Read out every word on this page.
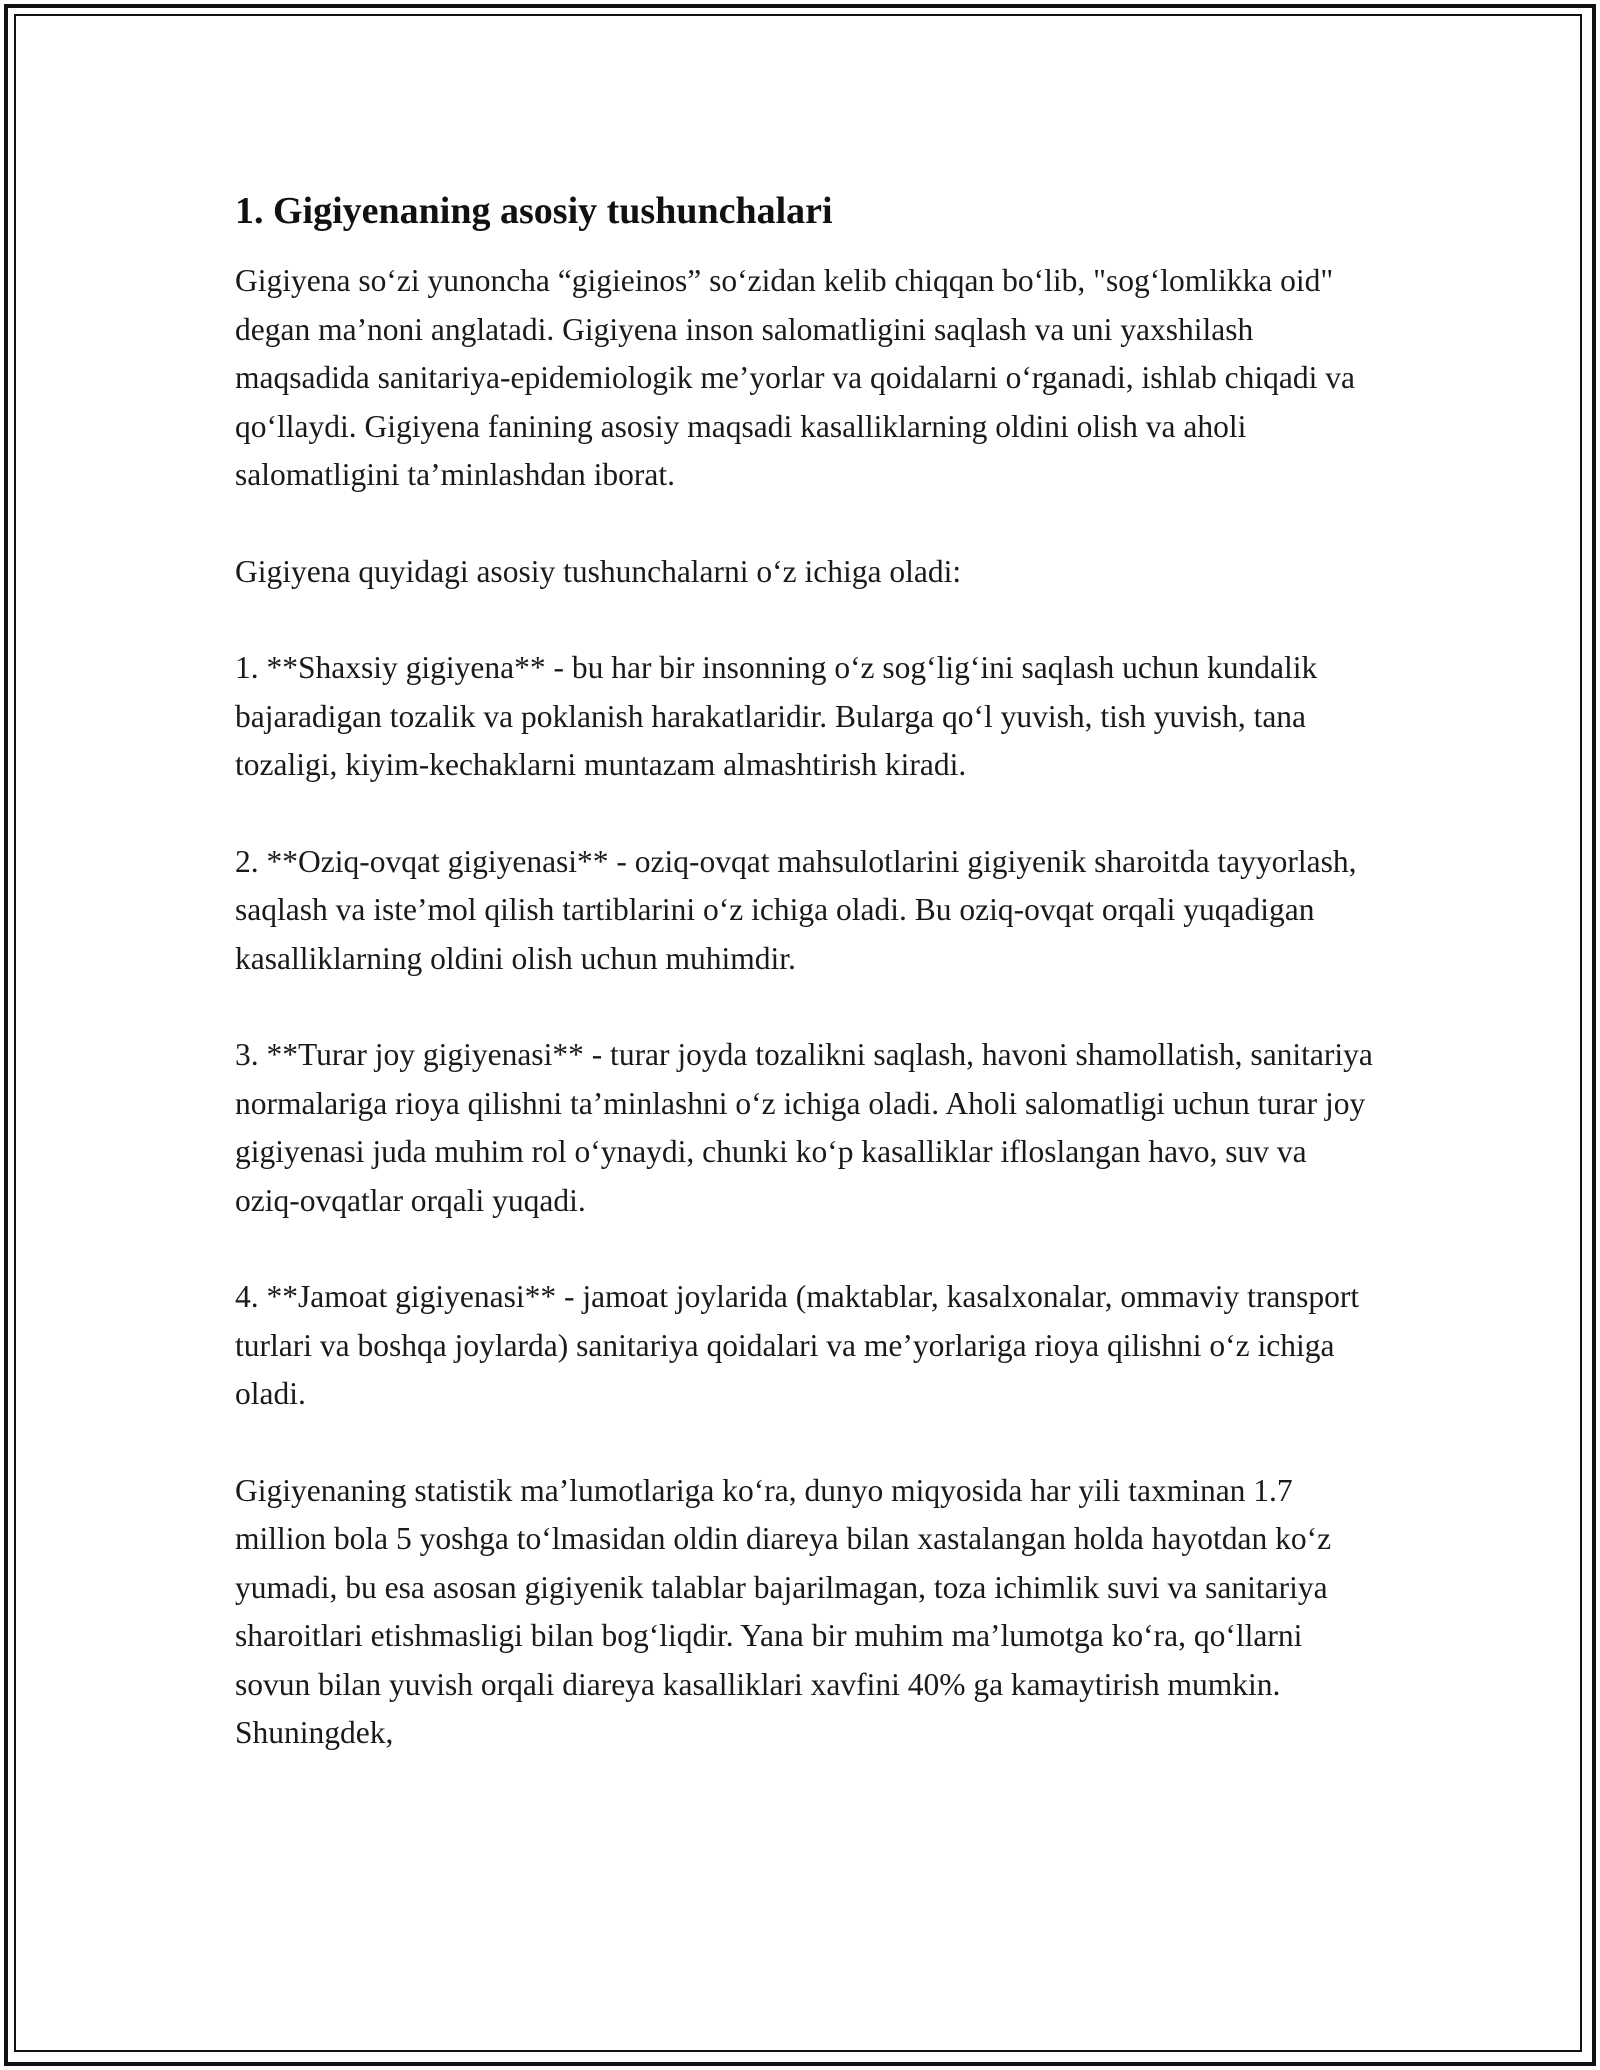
1. Gigiyenaning asosiy tushunchalari

Gigiyena so‘zi yunoncha “gigieinos” so‘zidan kelib chiqqan bo‘lib, "sog‘lomlikka oid" degan ma’noni anglatadi. Gigiyena inson salomatligini saqlash va uni yaxshilash maqsadida sanitariya-epidemiologik me’yorlar va qoidalarni o‘rganadi, ishlab chiqadi va qo‘llaydi. Gigiyena fanining asosiy maqsadi kasalliklarning oldini olish va aholi salomatligini ta’minlashdan iborat.

Gigiyena quyidagi asosiy tushunchalarni o‘z ichiga oladi:

1. **Shaxsiy gigiyena** - bu har bir insonning o‘z sog‘lig‘ini saqlash uchun kundalik bajaradigan tozalik va poklanish harakatlaridir. Bularga qo‘l yuvish, tish yuvish, tana tozaligi, kiyim-kechaklarni muntazam almashtirish kiradi.

2. **Oziq-ovqat gigiyenasi** - oziq-ovqat mahsulotlarini gigiyenik sharoitda tayyorlash, saqlash va iste’mol qilish tartiblarini o‘z ichiga oladi. Bu oziq-ovqat orqali yuqadigan kasalliklarning oldini olish uchun muhimdir.

3. **Turar joy gigiyenasi** - turar joyda tozalikni saqlash, havoni shamollatish, sanitariya normalariga rioya qilishni ta’minlashni o‘z ichiga oladi. Aholi salomatligi uchun turar joy gigiyenasi juda muhim rol o‘ynaydi, chunki ko‘p kasalliklar ifloslangan havo, suv va oziq-ovqatlar orqali yuqadi.

4. **Jamoat gigiyenasi** - jamoat joylarida (maktablar, kasalxonalar, ommaviy transport turlari va boshqa joylarda) sanitariya qoidalari va me’yorlariga rioya qilishni o‘z ichiga oladi.

Gigiyenaning statistik ma’lumotlariga ko‘ra, dunyo miqyosida har yili taxminan 1.7 million bola 5 yoshga to‘lmasidan oldin diareya bilan xastalangan holda hayotdan ko‘z yumadi, bu esa asosan gigiyenik talablar bajarilmagan, toza ichimlik suvi va sanitariya sharoitlari etishmasligi bilan bog‘liqdir. Yana bir muhim ma’lumotga ko‘ra, qo‘llarni sovun bilan yuvish orqali diareya kasalliklari xavfini 40% ga kamaytirish mumkin. Shuningdek,
